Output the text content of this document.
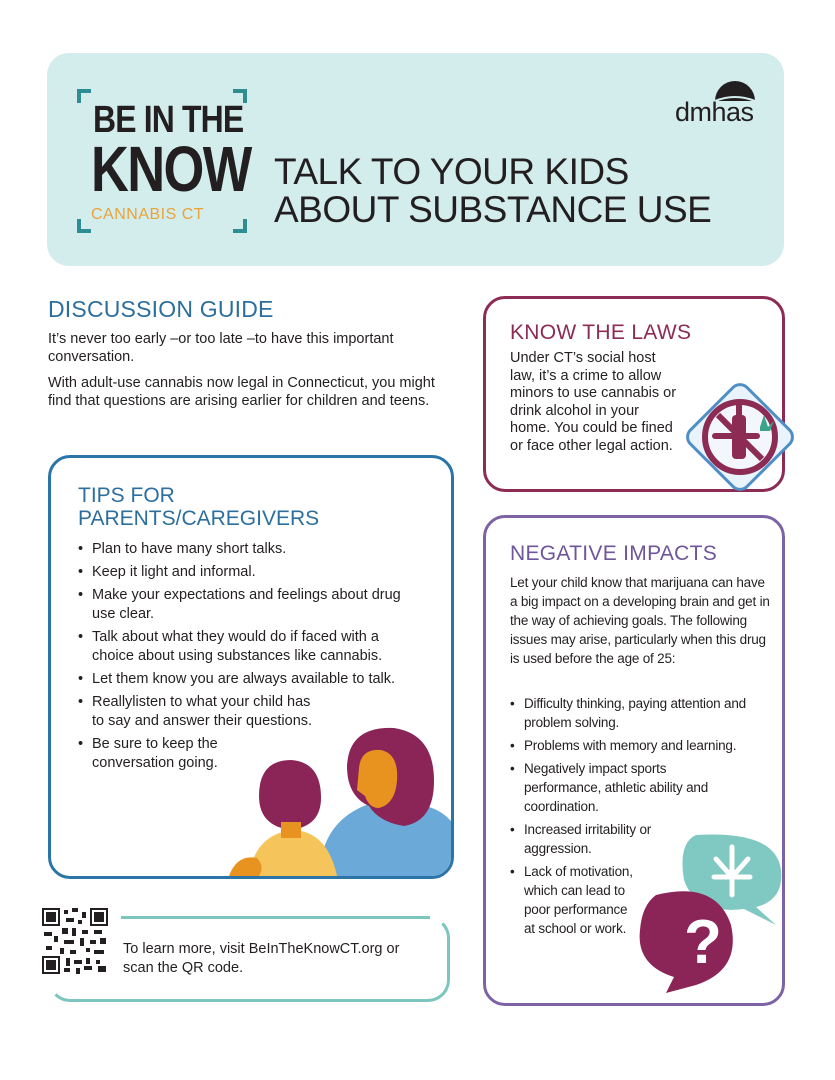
BE IN THE
KNOW
CANNABIS CT
TALK TO YOUR KIDS
ABOUT SUBSTANCE USE
dmhas
DISCUSSION GUIDE
It’s never too early –or too late –to have this important conversation.
With adult-use cannabis now legal in Connecticut, you might find that questions are arising earlier for children and teens.
TIPS FOR
PARENTS/CAREGIVERS
• Plan to have many short talks.
• Keep it light and informal.
• Make your expectations and feelings about drug use clear.
• Talk about what they would do if faced with a choice about using substances like cannabis.
• Let them know you are always available to talk.
• Reallylisten to what your child has to say and answer their questions.
• Be sure to keep the conversation going.
KNOW THE LAWS
Under CT’s social host law, it’s a crime to allow minors to use cannabis or drink alcohol in your home. You could be fined or face other legal action.
NEGATIVE IMPACTS
Let your child know that marijuana can have a big impact on a developing brain and get in the way of achieving goals. The following issues may arise, particularly when this drug is used before the age of 25:
• Difficulty thinking, paying attention and problem solving.
• Problems with memory and learning.
• Negatively impact sports performance, athletic ability and coordination.
• Increased irritability or aggression.
• Lack of motivation, which can lead to poor performance at school or work. ?
To learn more, visit BeInTheKnowCT.org or scan the QR code.
